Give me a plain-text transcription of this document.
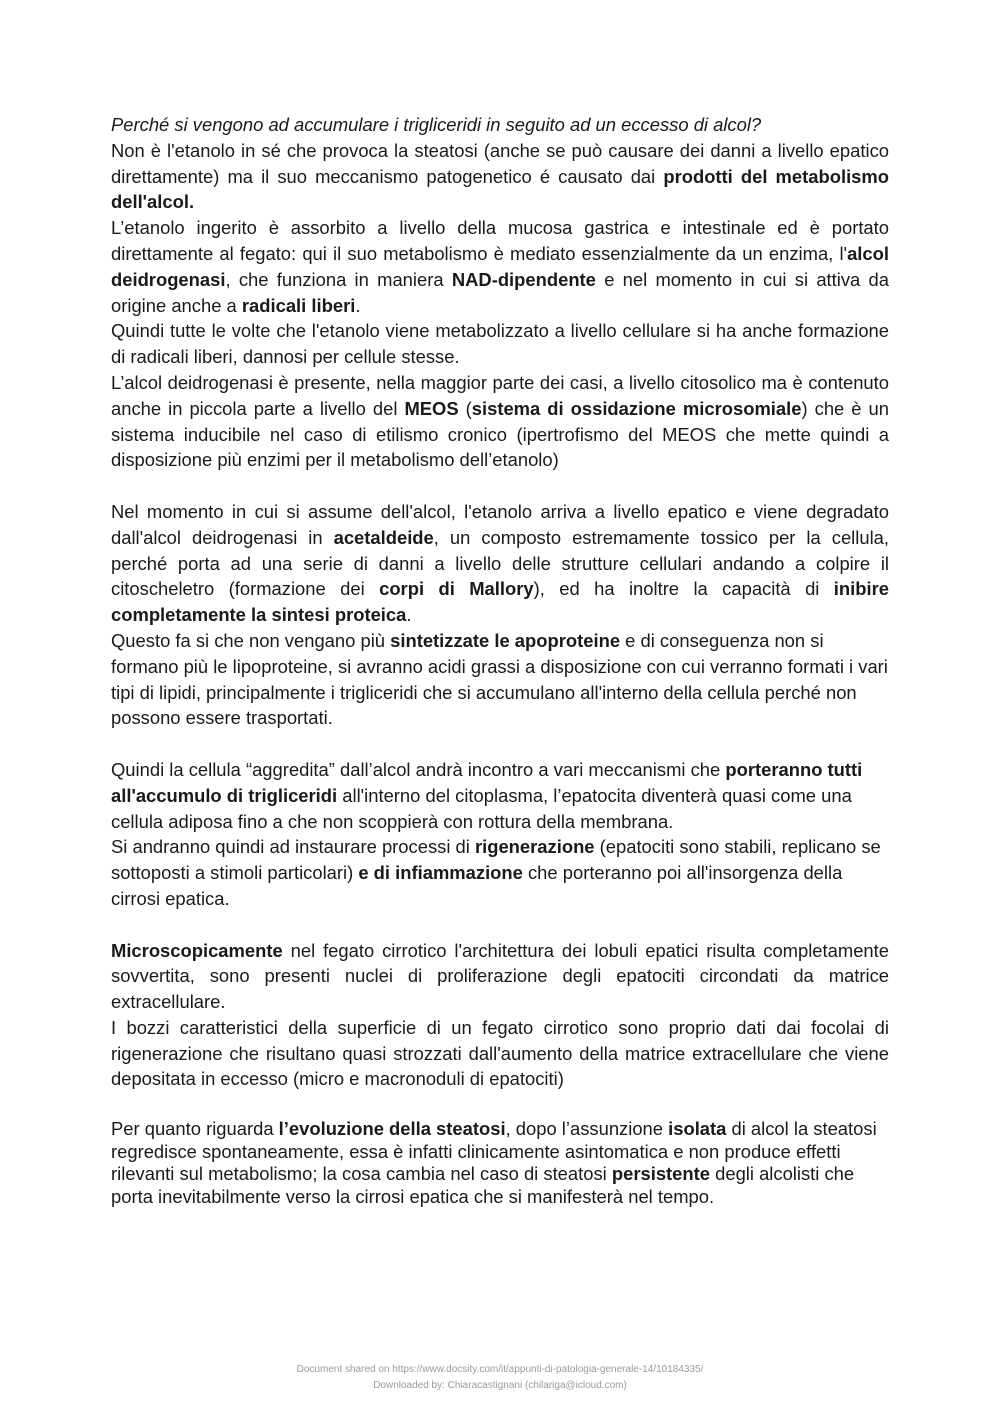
Perché si vengono ad accumulare i trigliceridi in seguito ad un eccesso di alcol?

Non è l'etanolo in sé che provoca la steatosi (anche se può causare dei danni a livello epatico direttamente) ma il suo meccanismo patogenetico é causato dai prodotti del metabolismo dell'alcol.

L’etanolo ingerito è assorbito a livello della mucosa gastrica e intestinale ed è portato direttamente al fegato: qui il suo metabolismo è mediato essenzialmente da un enzima, l'alcol deidrogenasi, che funziona in maniera NAD-dipendente e nel momento in cui si attiva da origine anche a radicali liberi.

Quindi tutte le volte che l'etanolo viene metabolizzato a livello cellulare si ha anche formazione di radicali liberi, dannosi per cellule stesse.

L’alcol deidrogenasi è presente, nella maggior parte dei casi, a livello citosolico ma è contenuto anche in piccola parte a livello del MEOS (sistema di ossidazione microsomiale) che è un sistema inducibile nel caso di etilismo cronico (ipertrofismo del MEOS che mette quindi a disposizione più enzimi per il metabolismo dell’etanolo)

Nel momento in cui si assume dell'alcol, l'etanolo arriva a livello epatico e viene degradato dall'alcol deidrogenasi in acetaldeide, un composto estremamente tossico per la cellula, perché porta ad una serie di danni a livello delle strutture cellulari andando a colpire il citoscheletro (formazione dei corpi di Mallory), ed ha inoltre la capacità di inibire completamente la sintesi proteica.

Questo fa si che non vengano più sintetizzate le apoproteine e di conseguenza non si formano più le lipoproteine, si avranno acidi grassi a disposizione con cui verranno formati i vari tipi di lipidi, principalmente i trigliceridi che si accumulano all'interno della cellula perché non possono essere trasportati.

Quindi la cellula “aggredita” dall’alcol andrà incontro a vari meccanismi che porteranno tutti all'accumulo di trigliceridi all'interno del citoplasma, l’epatocita diventerà quasi come una cellula adiposa fino a che non scoppierà con rottura della membrana.

Si andranno quindi ad instaurare processi di rigenerazione (epatociti sono stabili, replicano se sottoposti a stimoli particolari) e di infiammazione che porteranno poi all'insorgenza della cirrosi epatica.

Microscopicamente nel fegato cirrotico l'architettura dei lobuli epatici risulta completamente sovvertita, sono presenti nuclei di proliferazione degli epatociti circondati da matrice extracellulare.

I bozzi caratteristici della superficie di un fegato cirrotico sono proprio dati dai focolai di rigenerazione che risultano quasi strozzati dall'aumento della matrice extracellulare che viene depositata in eccesso (micro e macronoduli di epatociti)

Per quanto riguarda l’evoluzione della steatosi, dopo l’assunzione isolata di alcol la steatosi regredisce spontaneamente, essa è infatti clinicamente asintomatica e non produce effetti rilevanti sul metabolismo; la cosa cambia nel caso di steatosi persistente degli alcolisti che porta inevitabilmente verso la cirrosi epatica che si manifesterà nel tempo.

Document shared on https://www.docsity.com/it/appunti-di-patologia-generale-14/10184335/
Downloaded by: Chiaracastignani (chilariga@icloud.com)
